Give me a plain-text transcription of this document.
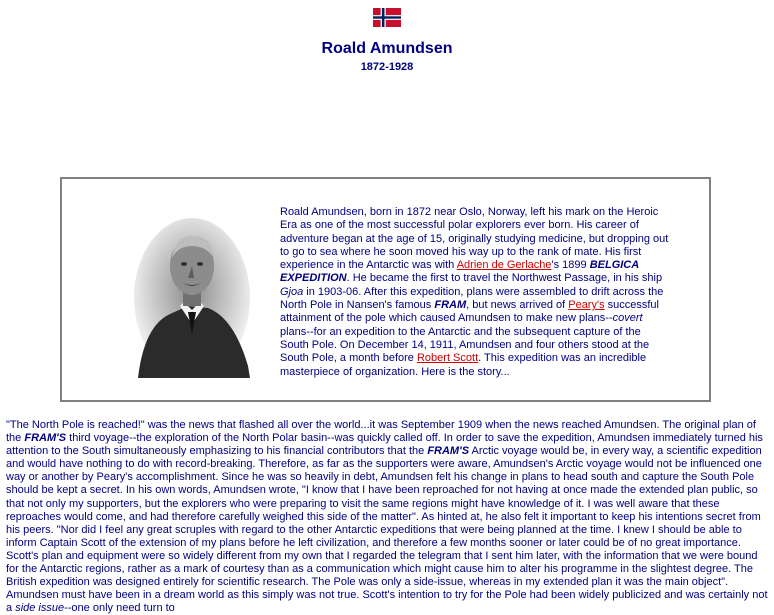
Roald Amundsen
1872-1928
Roald Amundsen, born in 1872 near Oslo, Norway, left his mark on the Heroic Era as one of the most successful polar explorers ever born. His career of adventure began at the age of 15, originally studying medicine, but dropping out to go to sea where he soon moved his way up to the rank of mate. His first experience in the Antarctic was with Adrien de Gerlache's 1899 BELGICA EXPEDITION. He became the first to travel the Northwest Passage, in his ship Gjoa in 1903-06. After this expedition, plans were assembled to drift across the North Pole in Nansen's famous FRAM, but news arrived of Peary's successful attainment of the pole which caused Amundsen to make new plans--covert plans--for an expedition to the Antarctic and the subsequent capture of the South Pole. On December 14, 1911, Amundsen and four others stood at the South Pole, a month before Robert Scott. This expedition was an incredible masterpiece of organization. Here is the story...
"The North Pole is reached!" was the news that flashed all over the world...it was September 1909 when the news reached Amundsen. The original plan of the FRAM'S third voyage--the exploration of the North Polar basin--was quickly called off. In order to save the expedition, Amundsen immediately turned his attention to the South simultaneously emphasizing to his financial contributors that the FRAM'S Arctic voyage would be, in every way, a scientific expedition and would have nothing to do with record-breaking. Therefore, as far as the supporters were aware, Amundsen's Arctic voyage would not be influenced one way or another by Peary's accomplishment. Since he was so heavily in debt, Amundsen felt his change in plans to head south and capture the South Pole should be kept a secret. In his own words, Amundsen wrote, "I know that I have been reproached for not having at once made the extended plan public, so that not only my supporters, but the explorers who were preparing to visit the same regions might have knowledge of it. I was well aware that these reproaches would come, and had therefore carefully weighed this side of the matter". As hinted at, he also felt it important to keep his intentions secret from his peers. "Nor did I feel any great scruples with regard to the other Antarctic expeditions that were being planned at the time. I knew I should be able to inform Captain Scott of the extension of my plans before he left civilization, and therefore a few months sooner or later could be of no great importance. Scott's plan and equipment were so widely different from my own that I regarded the telegram that I sent him later, with the information that we were bound for the Antarctic regions, rather as a mark of courtesy than as a communication which might cause him to alter his programme in the slightest degree. The British expedition was designed entirely for scientific research. The Pole was only a side-issue, whereas in my extended plan it was the main object". Amundsen must have been in a dream world as this simply was not true. Scott's intention to try for the Pole had been widely publicized and was certainly not a side issue--one only need turn to
